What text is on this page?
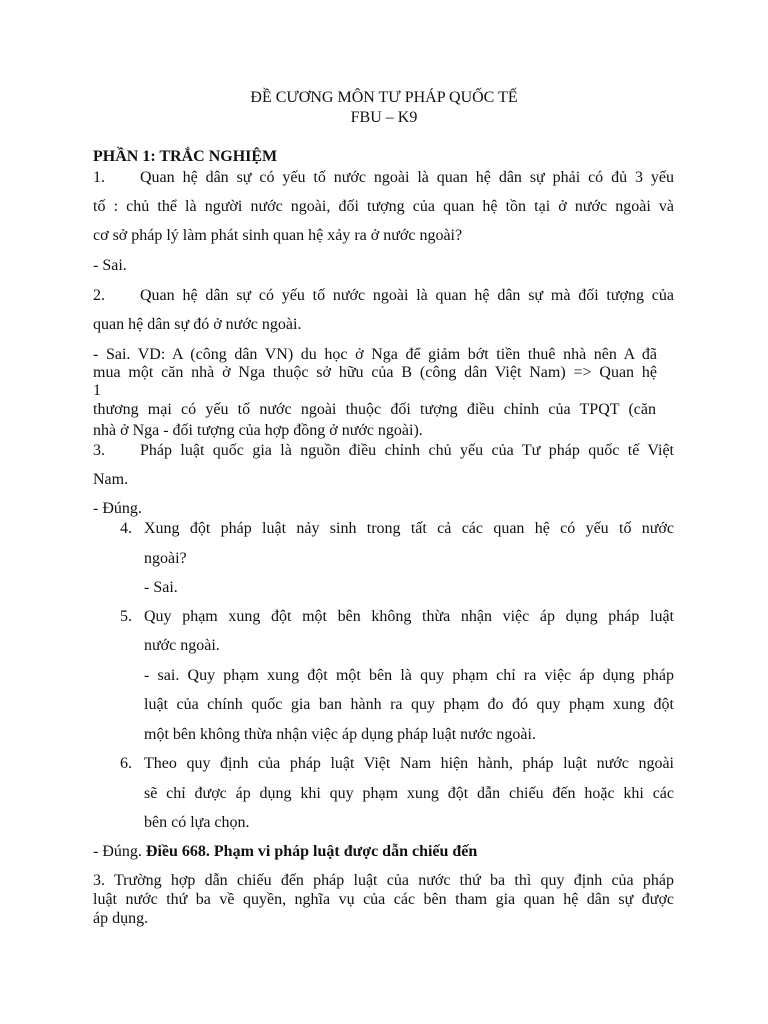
ĐỀ CƯƠNG MÔN TƯ PHÁP QUỐC TẾ
FBU – K9
PHẦN 1: TRẮC NGHIỆM
1. Quan hệ dân sự có yếu tố nước ngoài là quan hệ dân sự phải có đủ 3 yếu
tố : chủ thể là người nước ngoài, đối tượng của quan hệ tồn tại ở nước ngoài và
cơ sở pháp lý làm phát sinh quan hệ xảy ra ở nước ngoài?
- Sai.
2. Quan hệ dân sự có yếu tố nước ngoài là quan hệ dân sự mà đối tượng của
quan hệ dân sự đó ở nước ngoài.
- Sai. VD: A (công dân VN) du học ở Nga để giảm bớt tiền thuê nhà nên A đã
mua một căn nhà ở Nga thuộc sở hữu của B (công dân Việt Nam) => Quan hệ
1
thương mại có yếu tố nước ngoài thuộc đối tượng điều chỉnh của TPQT (căn
nhà ở Nga - đối tượng của hợp đồng ở nước ngoài).
3. Pháp luật quốc gia là nguồn điều chỉnh chủ yếu của Tư pháp quốc tế Việt
Nam.
- Đúng.
4. Xung đột pháp luật nảy sinh trong tất cả các quan hệ có yếu tố nước
ngoài?
- Sai.
5. Quy phạm xung đột một bên không thừa nhận việc áp dụng pháp luật
nước ngoài.
- sai. Quy phạm xung đột một bên là quy phạm chỉ ra việc áp dụng pháp
luật của chính quốc gia ban hành ra quy phạm đo đó quy phạm xung đột
một bên không thừa nhận việc áp dụng pháp luật nước ngoài.
6. Theo quy định của pháp luật Việt Nam hiện hành, pháp luật nước ngoài
sẽ chỉ được áp dụng khi quy phạm xung đột dẫn chiếu đến hoặc khi các
bên có lựa chọn.
- Đúng. Điều 668. Phạm vi pháp luật được dẫn chiếu đến
3. Trường hợp dẫn chiếu đến pháp luật của nước thứ ba thì quy định của pháp
luật nước thứ ba về quyền, nghĩa vụ của các bên tham gia quan hệ dân sự được
áp dụng.
